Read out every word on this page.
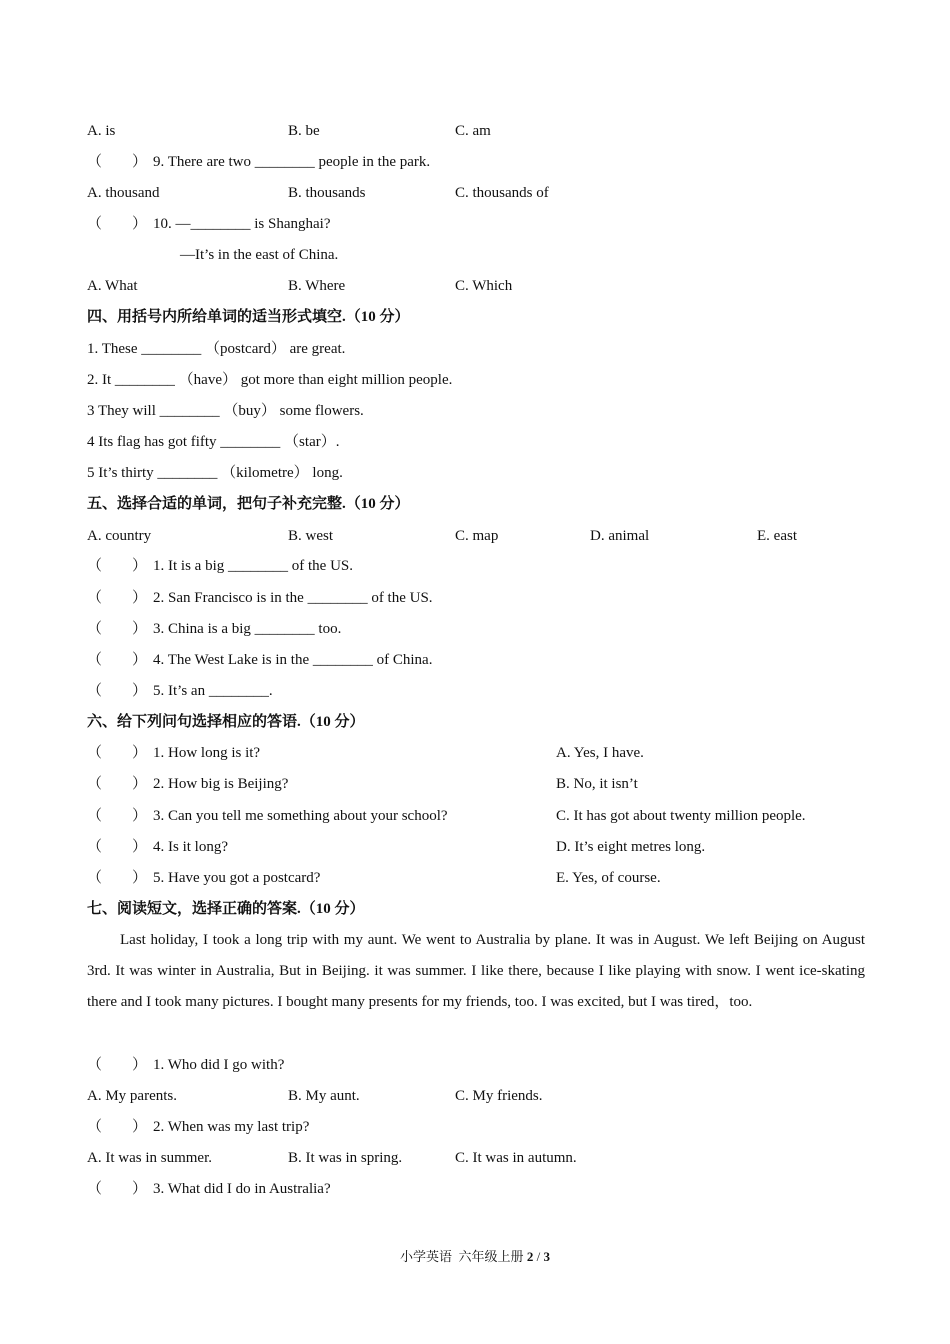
A. is	B. be	C. am
（　　） 9. There are two ________ people in the park.
A. thousand	B. thousands	C. thousands of
（　　） 10. —________ is Shanghai?
—It’s in the east of China.
A. What	B. Where	C. Which
四、用括号内所给单词的适当形式填空.（10 分）
1. These ________ （postcard） are great.
2. It ________ （have） got more than eight million people.
3 They will ________ （buy） some flowers.
4 Its flag has got fifty ________ （star）.
5 It’s thirty ________ （kilometre） long.
五、选择合适的单词，把句子补充完整.（10 分）
A. country	B. west	C. map	D. animal	E. east
（　　） 1. It is a big ________ of the US.
（　　） 2. San Francisco is in the ________ of the US.
（　　） 3. China is a big ________ too.
（　　） 4. The West Lake is in the ________ of China.
（　　） 5. It’s an ________.
六、给下列问句选择相应的答语.（10 分）
（　　） 1. How long is it?	A. Yes, I have.
（　　） 2. How big is Beijing?	B. No, it isn’t
（　　） 3. Can you tell me something about your school?	C. It has got about twenty million people.
（　　） 4. Is it long?	D. It’s eight metres long.
（　　） 5. Have you got a postcard?	E. Yes, of course.
七、阅读短文，选择正确的答案.（10 分）
Last holiday, I took a long trip with my aunt. We went to Australia by plane. It was in August. We left Beijing on August 3rd. It was winter in Australia, But in Beijing. it was summer. I like there, because I like playing with snow. I went ice-skating there and I took many pictures. I bought many presents for my friends, too. I was excited, but I was tired，too.
（　　） 1. Who did I go with?
A. My parents.	B. My aunt.	C. My friends.
（　　） 2. When was my last trip?
A. It was in summer.	B. It was in spring.	C. It was in autumn.
（　　） 3. What did I do in Australia?
小学英语  六年级上册 2 / 3
